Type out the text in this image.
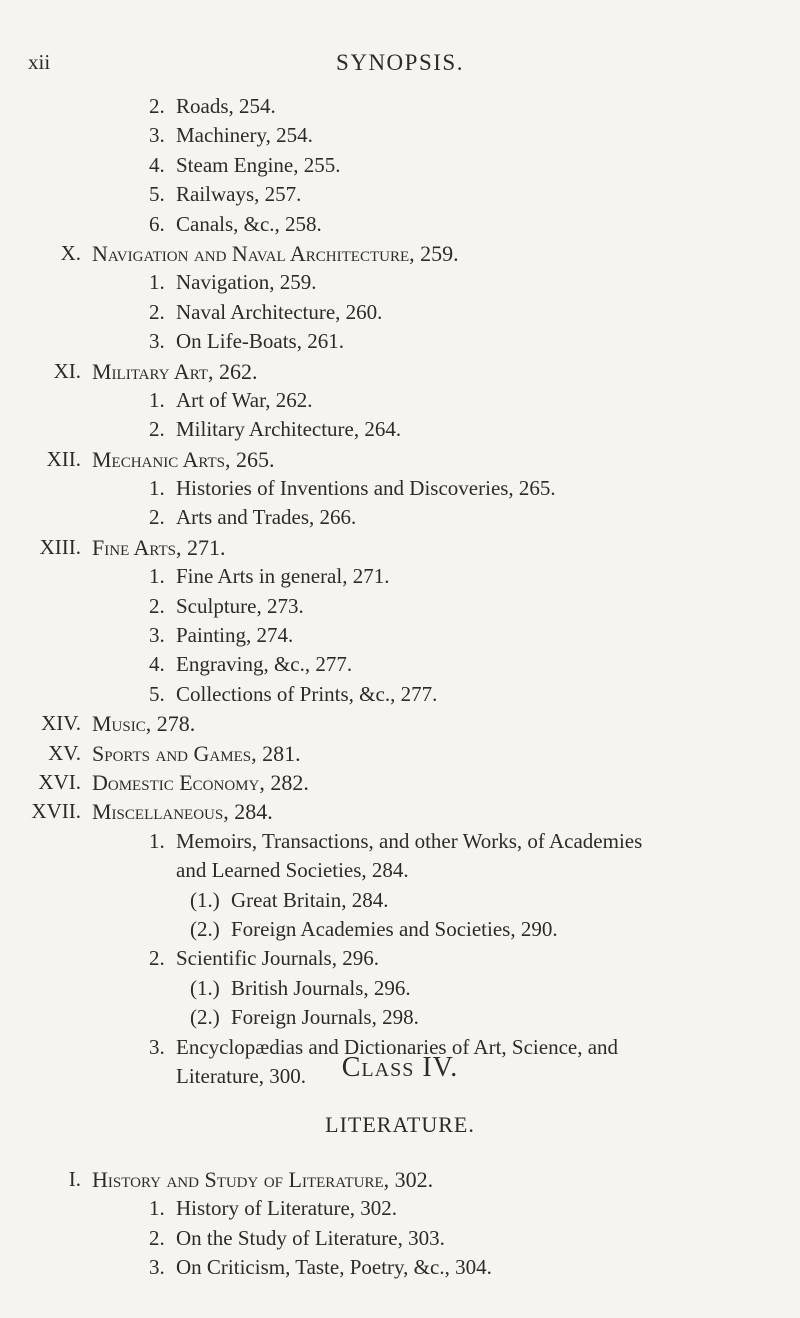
xii	SYNOPSIS.
2. Roads, 254.
3. Machinery, 254.
4. Steam Engine, 255.
5. Railways, 257.
6. Canals, &c., 258.
X. Navigation and Naval Architecture, 259.
1. Navigation, 259.
2. Naval Architecture, 260.
3. On Life-Boats, 261.
XI. Military Art, 262.
1. Art of War, 262.
2. Military Architecture, 264.
XII. Mechanic Arts, 265.
1. Histories of Inventions and Discoveries, 265.
2. Arts and Trades, 266.
XIII. Fine Arts, 271.
1. Fine Arts in general, 271.
2. Sculpture, 273.
3. Painting, 274.
4. Engraving, &c., 277.
5. Collections of Prints, &c., 277.
XIV. Music, 278.
XV. Sports and Games, 281.
XVI. Domestic Economy, 282.
XVII. Miscellaneous, 284.
1. Memoirs, Transactions, and other Works, of Academies
and Learned Societies, 284.
(1.) Great Britain, 284.
(2.) Foreign Academies and Societies, 290.
2. Scientific Journals, 296.
(1.) British Journals, 296.
(2.) Foreign Journals, 298.
3. Encyclopædias and Dictionaries of Art, Science, and
Literature, 300.	Class IV.
LITERATURE.
I. History and Study of Literature, 302.
1. History of Literature, 302.
2. On the Study of Literature, 303.
3. On Criticism, Taste, Poetry, &c., 304.
